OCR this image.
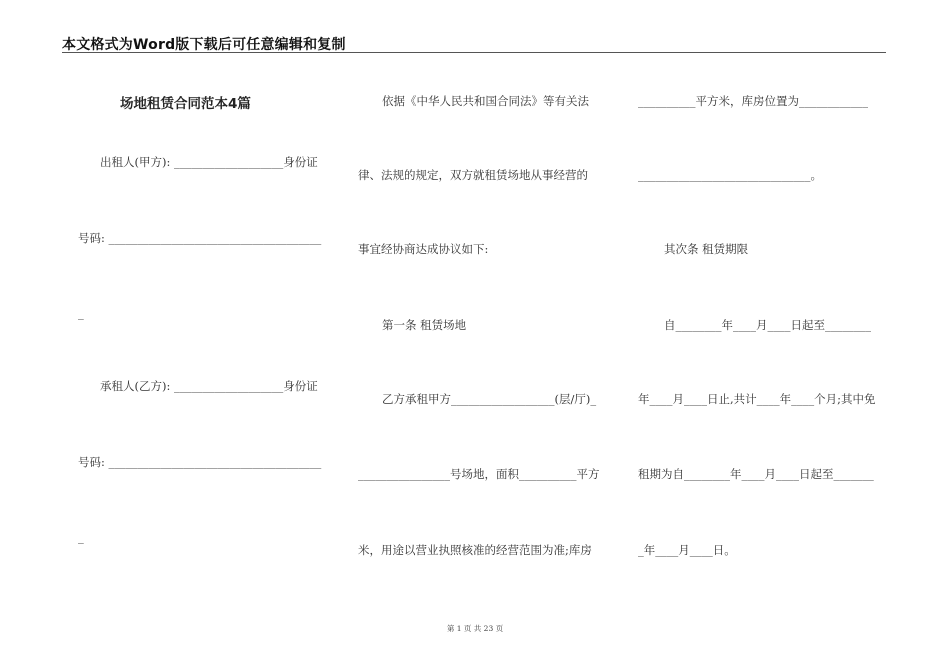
本文格式为Word版下载后可任意编辑和复制
场地租赁合同范本4篇
出租人(甲方): ___________________身份证
号码: _____________________________________
_
承租人(乙方): ___________________身份证
号码: _____________________________________
_
依据《中华人民共和国合同法》等有关法
律、法规的规定，双方就租赁场地从事经营的
事宜经协商达成协议如下:
第一条 租赁场地
乙方承租甲方__________________(层/厅)_
________________号场地，面积__________平方
米，用途以营业执照核准的经营范围为准;库房
__________平方米，库房位置为____________
______________________________。
其次条 租赁期限
自________年____月____日起至________
年____月____日止,共计____年____个月;其中免
租期为自________年____月____日起至_______
_年____月____日。
第 1 页 共 23 页
